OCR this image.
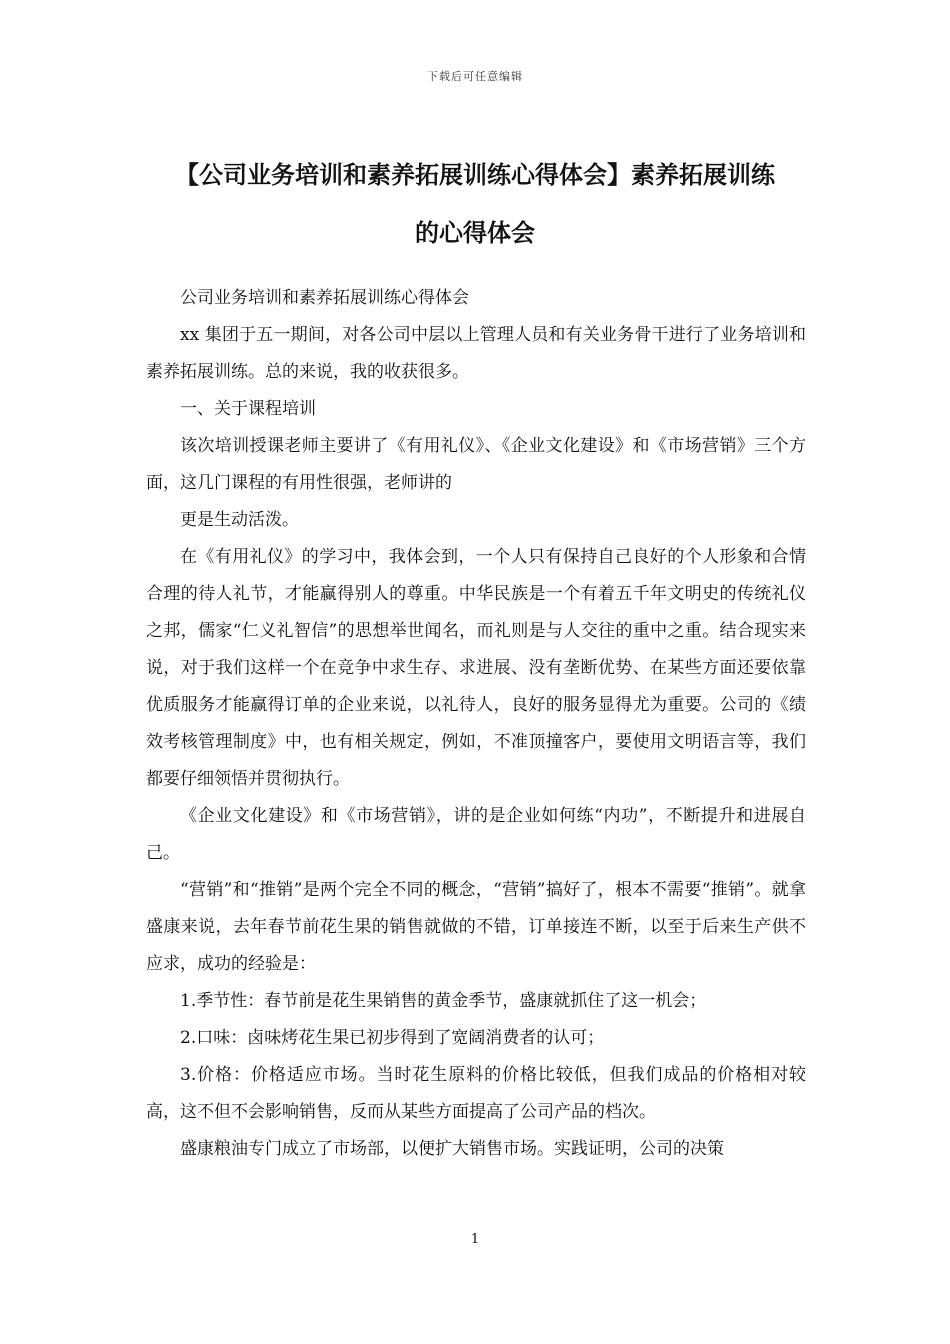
下载后可任意编辑
【公司业务培训和素养拓展训练心得体会】素养拓展训练
的心得体会

公司业务培训和素养拓展训练心得体会

xx 集团于五一期间，对各公司中层以上管理人员和有关业务骨干进行了业务培训和素养拓展训练。总的来说，我的收获很多。

一、关于课程培训

该次培训授课老师主要讲了《有用礼仪》、《企业文化建设》和《市场营销》三个方面，这几门课程的有用性很强，老师讲的

更是生动活泼。

在《有用礼仪》的学习中，我体会到，一个人只有保持自己良好的个人形象和合情合理的待人礼节，才能赢得别人的尊重。中华民族是一个有着五千年文明史的传统礼仪之邦，儒家“仁义礼智信”的思想举世闻名，而礼则是与人交往的重中之重。结合现实来说，对于我们这样一个在竞争中求生存、求进展、没有垄断优势、在某些方面还要依靠优质服务才能赢得订单的企业来说，以礼待人，良好的服务显得尤为重要。公司的《绩效考核管理制度》中，也有相关规定，例如，不准顶撞客户，要使用文明语言等，我们都要仔细领悟并贯彻执行。

《企业文化建设》和《市场营销》，讲的是企业如何练“内功”，不断提升和进展自己。

“营销”和“推销”是两个完全不同的概念，“营销”搞好了，根本不需要“推销”。就拿盛康来说，去年春节前花生果的销售就做的不错，订单接连不断，以至于后来生产供不应求，成功的经验是：

1.季节性：春节前是花生果销售的黄金季节，盛康就抓住了这一机会；

2.口味：卤味烤花生果已初步得到了宽阔消费者的认可；

3.价格：价格适应市场。当时花生原料的价格比较低，但我们成品的价格相对较高，这不但不会影响销售，反而从某些方面提高了公司产品的档次。

盛康粮油专门成立了市场部，以便扩大销售市场。实践证明，公司的决策

1
